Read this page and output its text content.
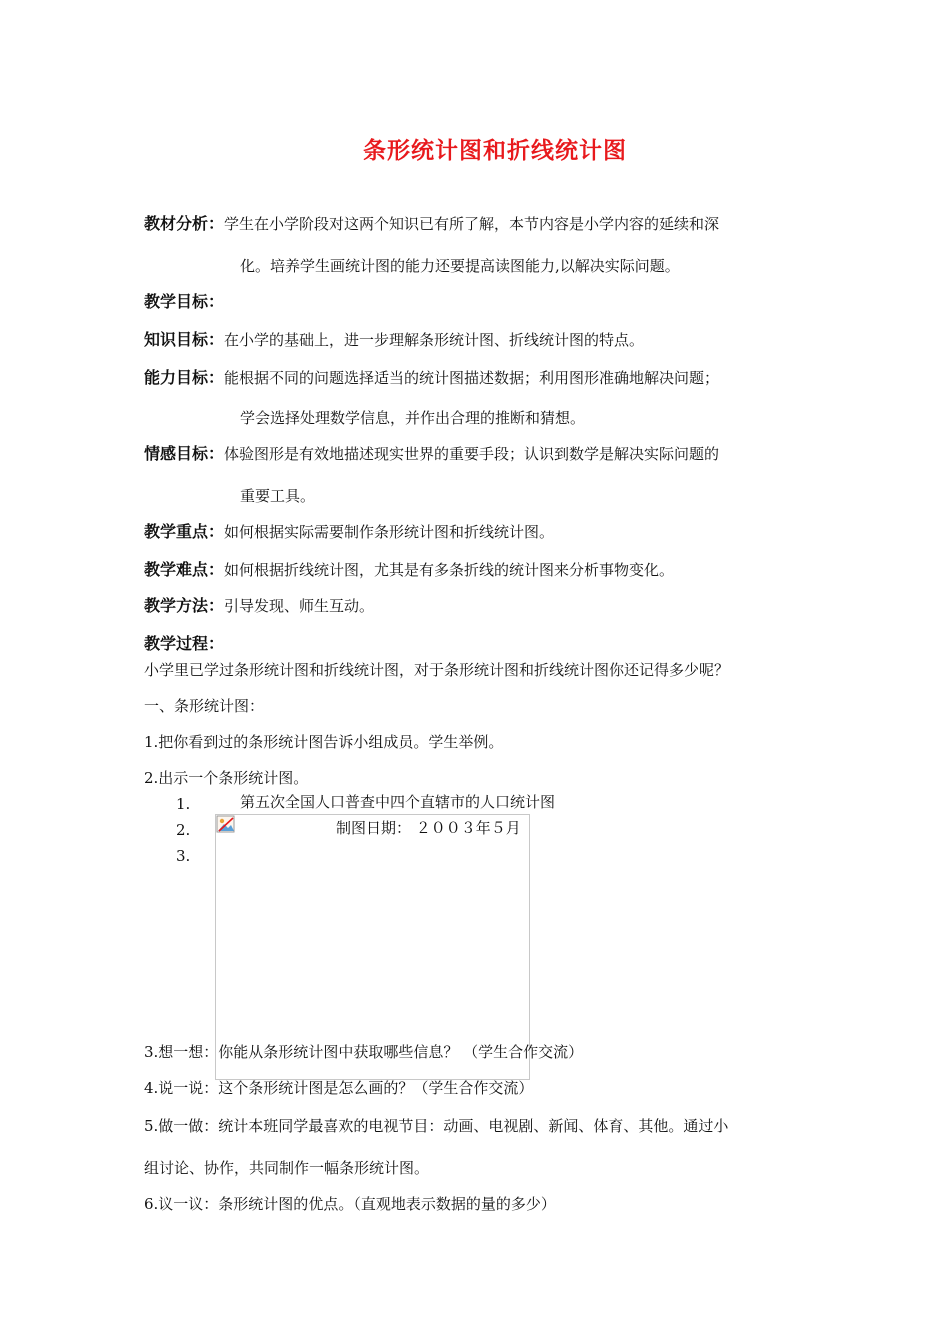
条形统计图和折线统计图
教材分析：学生在小学阶段对这两个知识已有所了解，本节内容是小学内容的延续和深
化。培养学生画统计图的能力还要提高读图能力,以解决实际问题。
教学目标：
知识目标：在小学的基础上，进一步理解条形统计图、折线统计图的特点。
能力目标：能根据不同的问题选择适当的统计图描述数据；利用图形准确地解决问题；
学会选择处理数学信息，并作出合理的推断和猜想。
情感目标：体验图形是有效地描述现实世界的重要手段；认识到数学是解决实际问题的
重要工具。
教学重点：如何根据实际需要制作条形统计图和折线统计图。
教学难点：如何根据折线统计图，尤其是有多条折线的统计图来分析事物变化。
教学方法：引导发现、师生互动。
教学过程：
小学里已学过条形统计图和折线统计图，对于条形统计图和折线统计图你还记得多少呢？
一、条形统计图：
1.把你看到过的条形统计图告诉小组成员。学生举例。
2.出示一个条形统计图。
1.
2.
3.
第五次全国人口普查中四个直辖市的人口统计图
制图日期： ２００３年５月
3.想一想：你能从条形统计图中获取哪些信息？ （学生合作交流）
4.说一说：这个条形统计图是怎么画的？（学生合作交流）
5.做一做：统计本班同学最喜欢的电视节目：动画、电视剧、新闻、体育、其他。通过小
组讨论、协作，共同制作一幅条形统计图。
6.议一议：条形统计图的优点。（直观地表示数据的量的多少）
